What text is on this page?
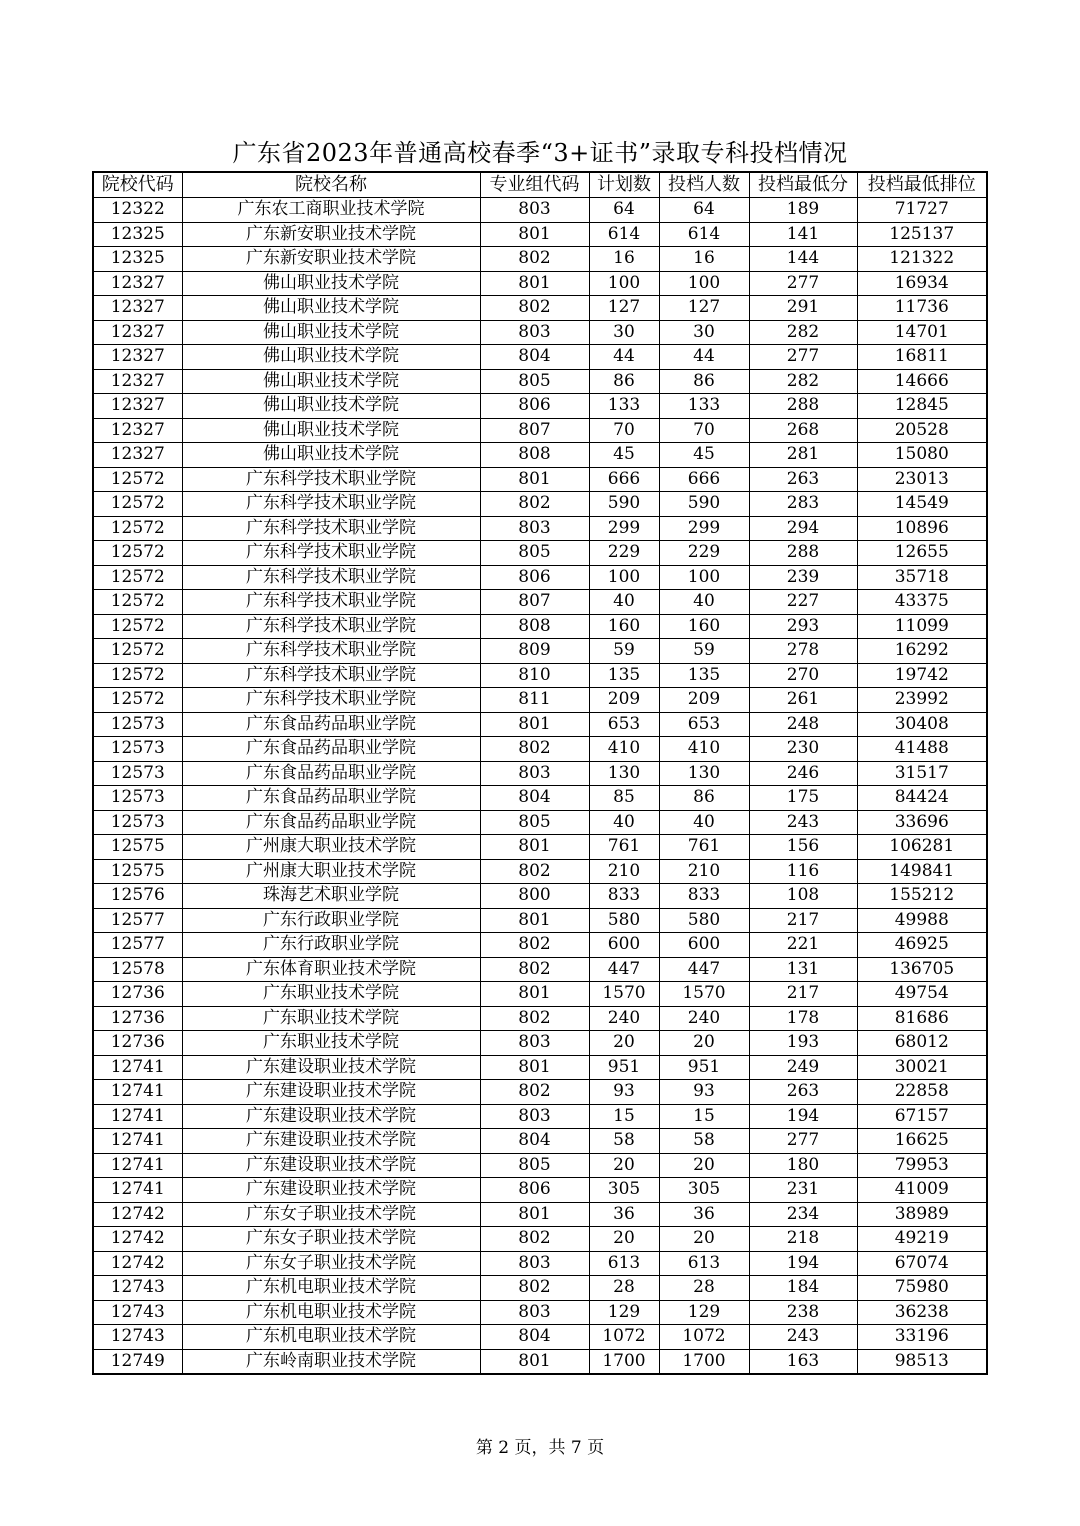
广东省2023年普通高校春季“3+证书”录取专科投档情况
院校代码	院校名称	专业组代码	计划数	投档人数	投档最低分	投档最低排位
12322	广东农工商职业技术学院	803	64	64	189	71727
12325	广东新安职业技术学院	801	614	614	141	125137
12325	广东新安职业技术学院	802	16	16	144	121322
12327	佛山职业技术学院	801	100	100	277	16934
12327	佛山职业技术学院	802	127	127	291	11736
12327	佛山职业技术学院	803	30	30	282	14701
12327	佛山职业技术学院	804	44	44	277	16811
12327	佛山职业技术学院	805	86	86	282	14666
12327	佛山职业技术学院	806	133	133	288	12845
12327	佛山职业技术学院	807	70	70	268	20528
12327	佛山职业技术学院	808	45	45	281	15080
12572	广东科学技术职业学院	801	666	666	263	23013
12572	广东科学技术职业学院	802	590	590	283	14549
12572	广东科学技术职业学院	803	299	299	294	10896
12572	广东科学技术职业学院	805	229	229	288	12655
12572	广东科学技术职业学院	806	100	100	239	35718
12572	广东科学技术职业学院	807	40	40	227	43375
12572	广东科学技术职业学院	808	160	160	293	11099
12572	广东科学技术职业学院	809	59	59	278	16292
12572	广东科学技术职业学院	810	135	135	270	19742
12572	广东科学技术职业学院	811	209	209	261	23992
12573	广东食品药品职业学院	801	653	653	248	30408
12573	广东食品药品职业学院	802	410	410	230	41488
12573	广东食品药品职业学院	803	130	130	246	31517
12573	广东食品药品职业学院	804	85	86	175	84424
12573	广东食品药品职业学院	805	40	40	243	33696
12575	广州康大职业技术学院	801	761	761	156	106281
12575	广州康大职业技术学院	802	210	210	116	149841
12576	珠海艺术职业学院	800	833	833	108	155212
12577	广东行政职业学院	801	580	580	217	49988
12577	广东行政职业学院	802	600	600	221	46925
12578	广东体育职业技术学院	802	447	447	131	136705
12736	广东职业技术学院	801	1570	1570	217	49754
12736	广东职业技术学院	802	240	240	178	81686
12736	广东职业技术学院	803	20	20	193	68012
12741	广东建设职业技术学院	801	951	951	249	30021
12741	广东建设职业技术学院	802	93	93	263	22858
12741	广东建设职业技术学院	803	15	15	194	67157
12741	广东建设职业技术学院	804	58	58	277	16625
12741	广东建设职业技术学院	805	20	20	180	79953
12741	广东建设职业技术学院	806	305	305	231	41009
12742	广东女子职业技术学院	801	36	36	234	38989
12742	广东女子职业技术学院	802	20	20	218	49219
12742	广东女子职业技术学院	803	613	613	194	67074
12743	广东机电职业技术学院	802	28	28	184	75980
12743	广东机电职业技术学院	803	129	129	238	36238
12743	广东机电职业技术学院	804	1072	1072	243	33196
12749	广东岭南职业技术学院	801	1700	1700	163	98513
第 2 页，共 7 页
